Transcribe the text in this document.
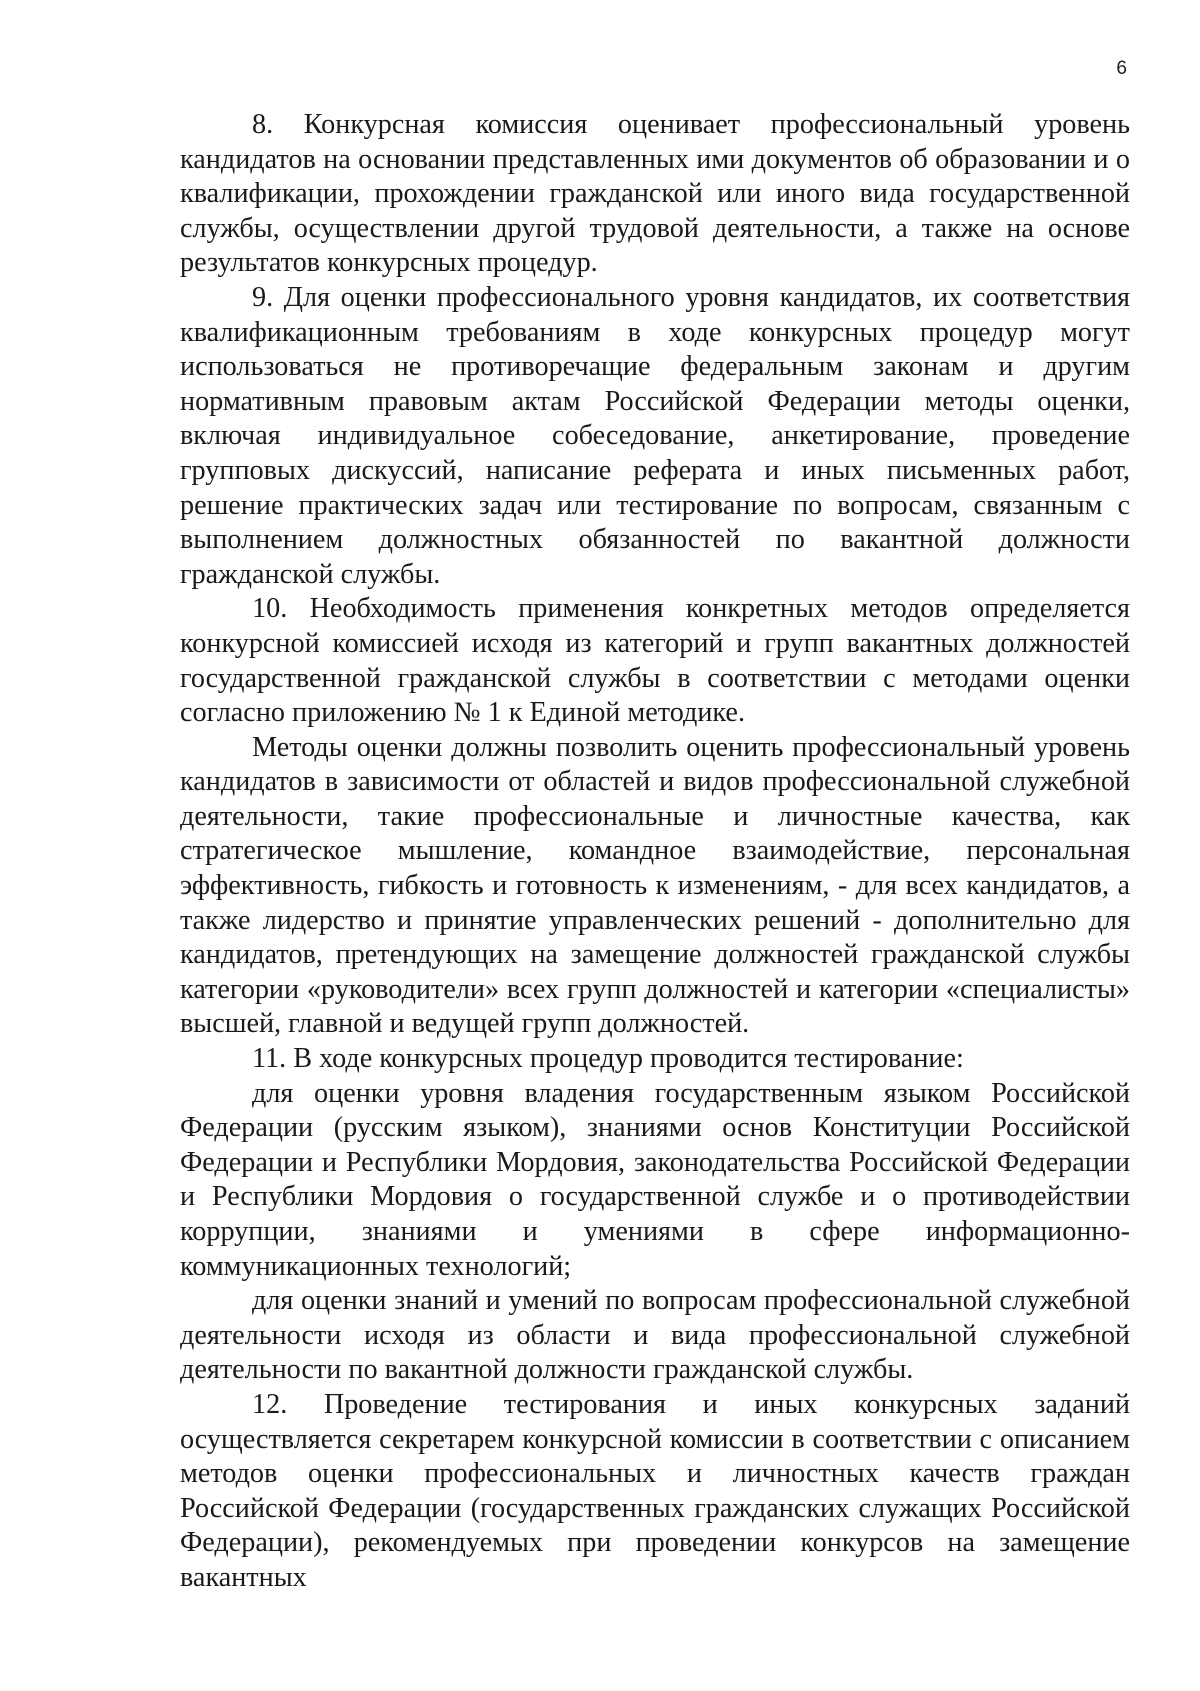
6

8. Конкурсная комиссия оценивает профессиональный уровень кандидатов на основании представленных ими документов об образовании и о квалификации, прохождении гражданской или иного вида государственной службы, осуществлении другой трудовой деятельности, а также на основе результатов конкурсных процедур.

9. Для оценки профессионального уровня кандидатов, их соответствия квалификационным требованиям в ходе конкурсных процедур могут использоваться не противоречащие федеральным законам и другим нормативным правовым актам Российской Федерации методы оценки, включая индивидуальное собеседование, анкетирование, проведение групповых дискуссий, написание реферата и иных письменных работ, решение практических задач или тестирование по вопросам, связанным с выполнением должностных обязанностей по вакантной должности гражданской службы.

10. Необходимость применения конкретных методов определяется конкурсной комиссией исходя из категорий и групп вакантных должностей государственной гражданской службы в соответствии с методами оценки согласно приложению № 1 к Единой методике.

Методы оценки должны позволить оценить профессиональный уровень кандидатов в зависимости от областей и видов профессиональной служебной деятельности, такие профессиональные и личностные качества, как стратегическое мышление, командное взаимодействие, персональная эффективность, гибкость и готовность к изменениям, - для всех кандидатов, а также лидерство и принятие управленческих решений - дополнительно для кандидатов, претендующих на замещение должностей гражданской службы категории «руководители» всех групп должностей и категории «специалисты» высшей, главной и ведущей групп должностей.

11. В ходе конкурсных процедур проводится тестирование:

для оценки уровня владения государственным языком Российской Федерации (русским языком), знаниями основ Конституции Российской Федерации и Республики Мордовия, законодательства Российской Федерации и Республики Мордовия о государственной службе и о противодействии коррупции, знаниями и умениями в сфере информационно-коммуникационных технологий;

для оценки знаний и умений по вопросам профессиональной служебной деятельности исходя из области и вида профессиональной служебной деятельности по вакантной должности гражданской службы.

12. Проведение тестирования и иных конкурсных заданий осуществляется секретарем конкурсной комиссии в соответствии с описанием методов оценки профессиональных и личностных качеств граждан Российской Федерации (государственных гражданских служащих Российской Федерации), рекомендуемых при проведении конкурсов на замещение вакантных
